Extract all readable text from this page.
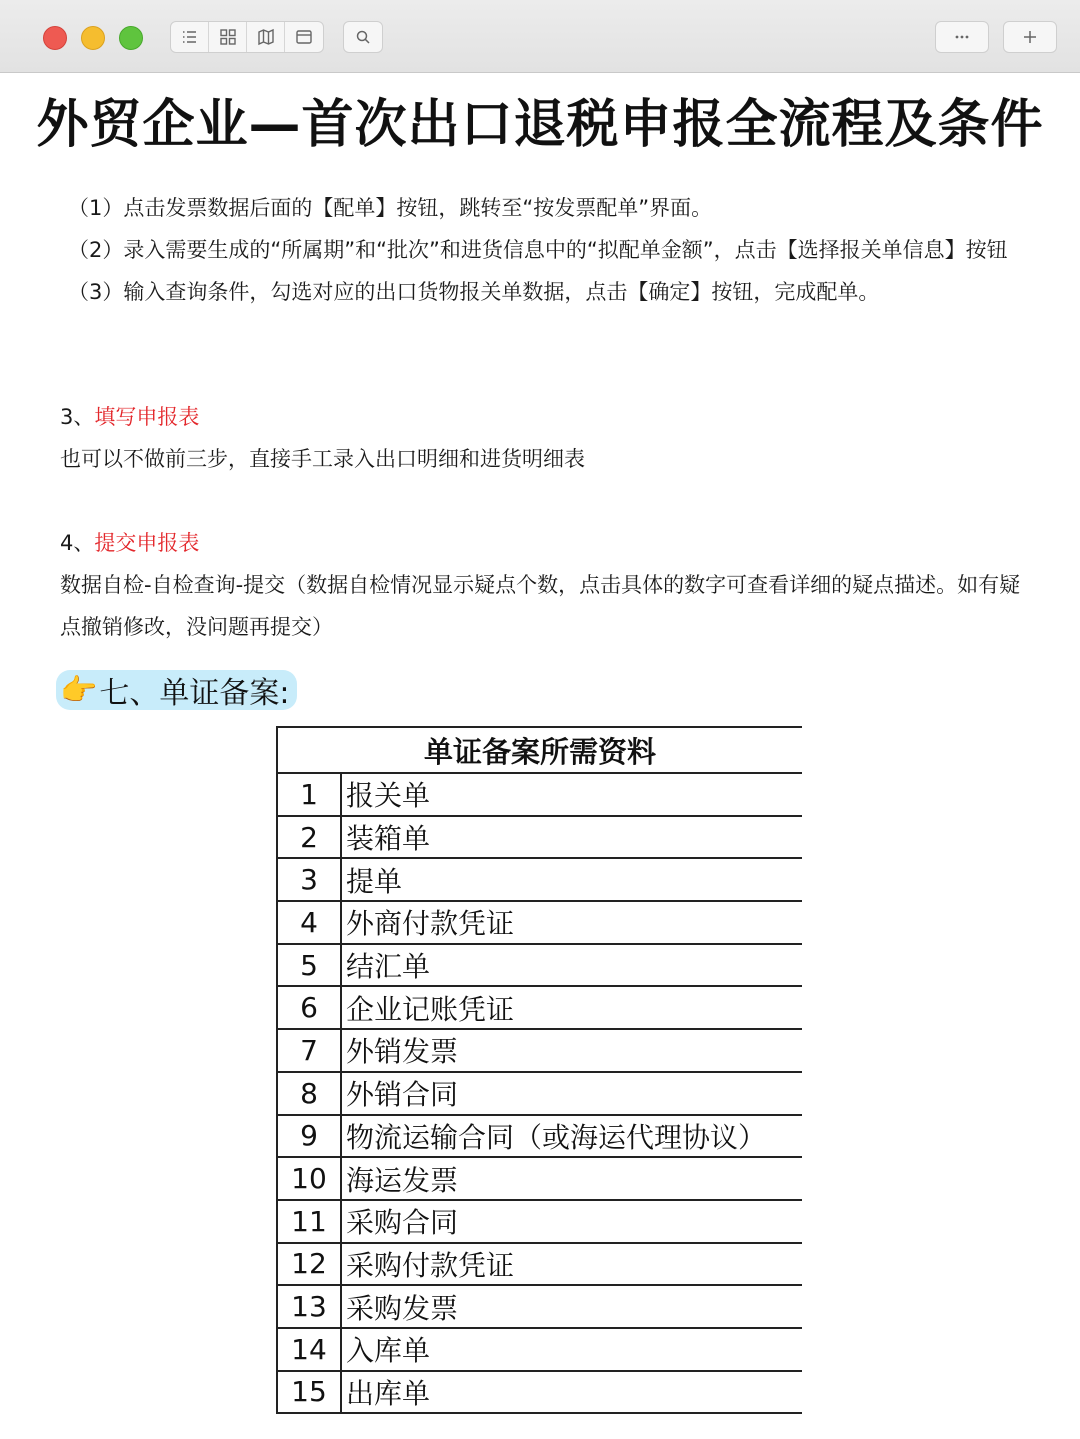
外贸企业—首次出口退税申报全流程及条件

（1）点击发票数据后面的【配单】按钮，跳转至“按发票配单”界面。

（2）录入需要生成的“所属期”和“批次”和进货信息中的“拟配单金额”，点击【选择报关单信息】按钮

（3）输入查询条件，勾选对应的出口货物报关单数据，点击【确定】按钮，完成配单。

3、填写申报表

也可以不做前三步，直接手工录入出口明细和进货明细表

4、提交申报表

数据自检-自检查询-提交（数据自检情况显示疑点个数，点击具体的数字可查看详细的疑点描述。如有疑点撤销修改，没问题再提交）

👉 七、单证备案:
单证备案所需资料	
1	报关单
2	装箱单
3	提单
4	外商付款凭证
5	结汇单
6	企业记账凭证
7	外销发票
8	外销合同
9	物流运输合同（或海运代理协议）
10	海运发票
11	采购合同
12	采购付款凭证
13	采购发票
14	入库单
15	出库单
